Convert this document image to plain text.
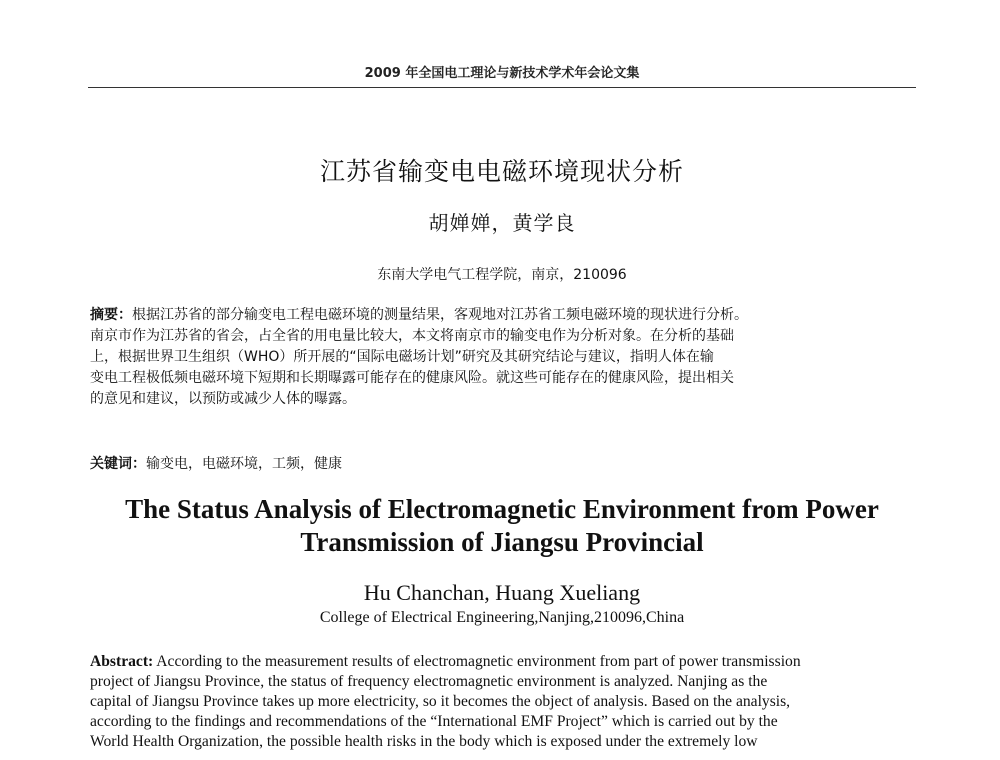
2009 年全国电工理论与新技术学术年会论文集
江苏省输变电电磁环境现状分析
胡婵婵，黄学良
东南大学电气工程学院，南京，210096
摘要：根据江苏省的部分输变电工程电磁环境的测量结果，客观地对江苏省工频电磁环境的现状进行分析。
南京市作为江苏省的省会，占全省的用电量比较大，本文将南京市的输变电作为分析对象。在分析的基础
上，根据世界卫生组织（WHO）所开展的“国际电磁场计划”研究及其研究结论与建议，指明人体在输
变电工程极低频电磁环境下短期和长期曝露可能存在的健康风险。就这些可能存在的健康风险，提出相关
的意见和建议，以预防或减少人体的曝露。
关键词：输变电，电磁环境，工频，健康
The Status Analysis of Electromagnetic Environment from Power
Transmission of Jiangsu Provincial
Hu Chanchan, Huang Xueliang
College of Electrical Engineering,Nanjing,210096,China
Abstract: According to the measurement results of electromagnetic environment from part of power transmission
project of Jiangsu Province, the status of frequency electromagnetic environment is analyzed. Nanjing as the
capital of Jiangsu Province takes up more electricity, so it becomes the object of analysis. Based on the analysis,
according to the findings and recommendations of the “International EMF Project” which is carried out by the
World Health Organization, the possible health risks in the body which is exposed under the extremely low
